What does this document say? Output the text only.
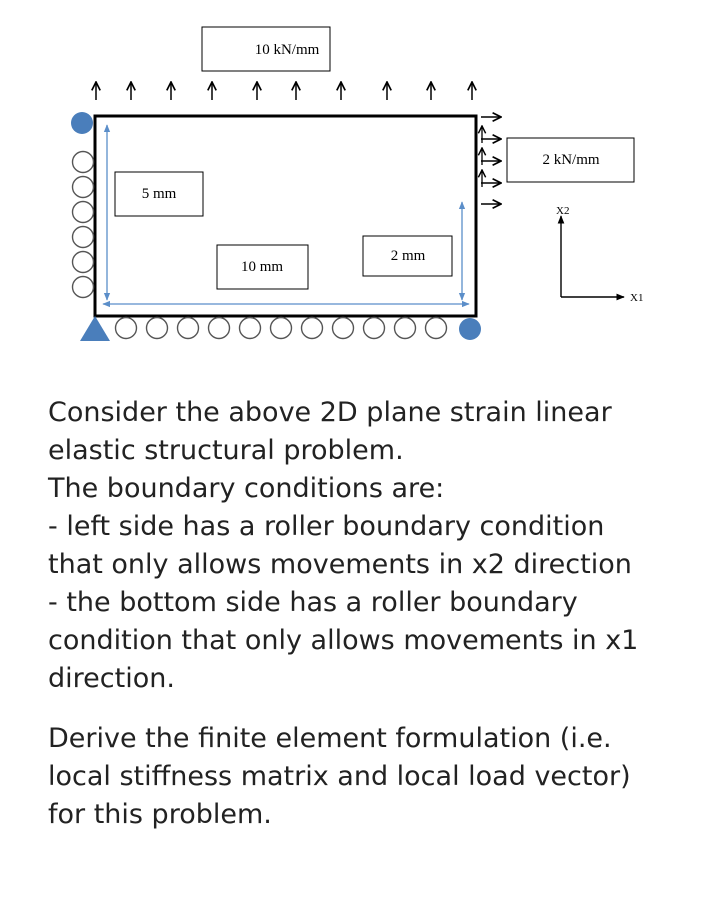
10 kN/mm
5 mm
10 mm
2 mm
2 kN/mm
X2
X1

Consider the above 2D plane strain linear

elastic structural problem.

The boundary conditions are:

- left side has a roller boundary condition

that only allows movements in x2 direction

- the bottom side has a roller boundary

condition that only allows movements in x1

direction.

Derive the finite element formulation (i.e.

local stiffness matrix and local load vector)

for this problem.
